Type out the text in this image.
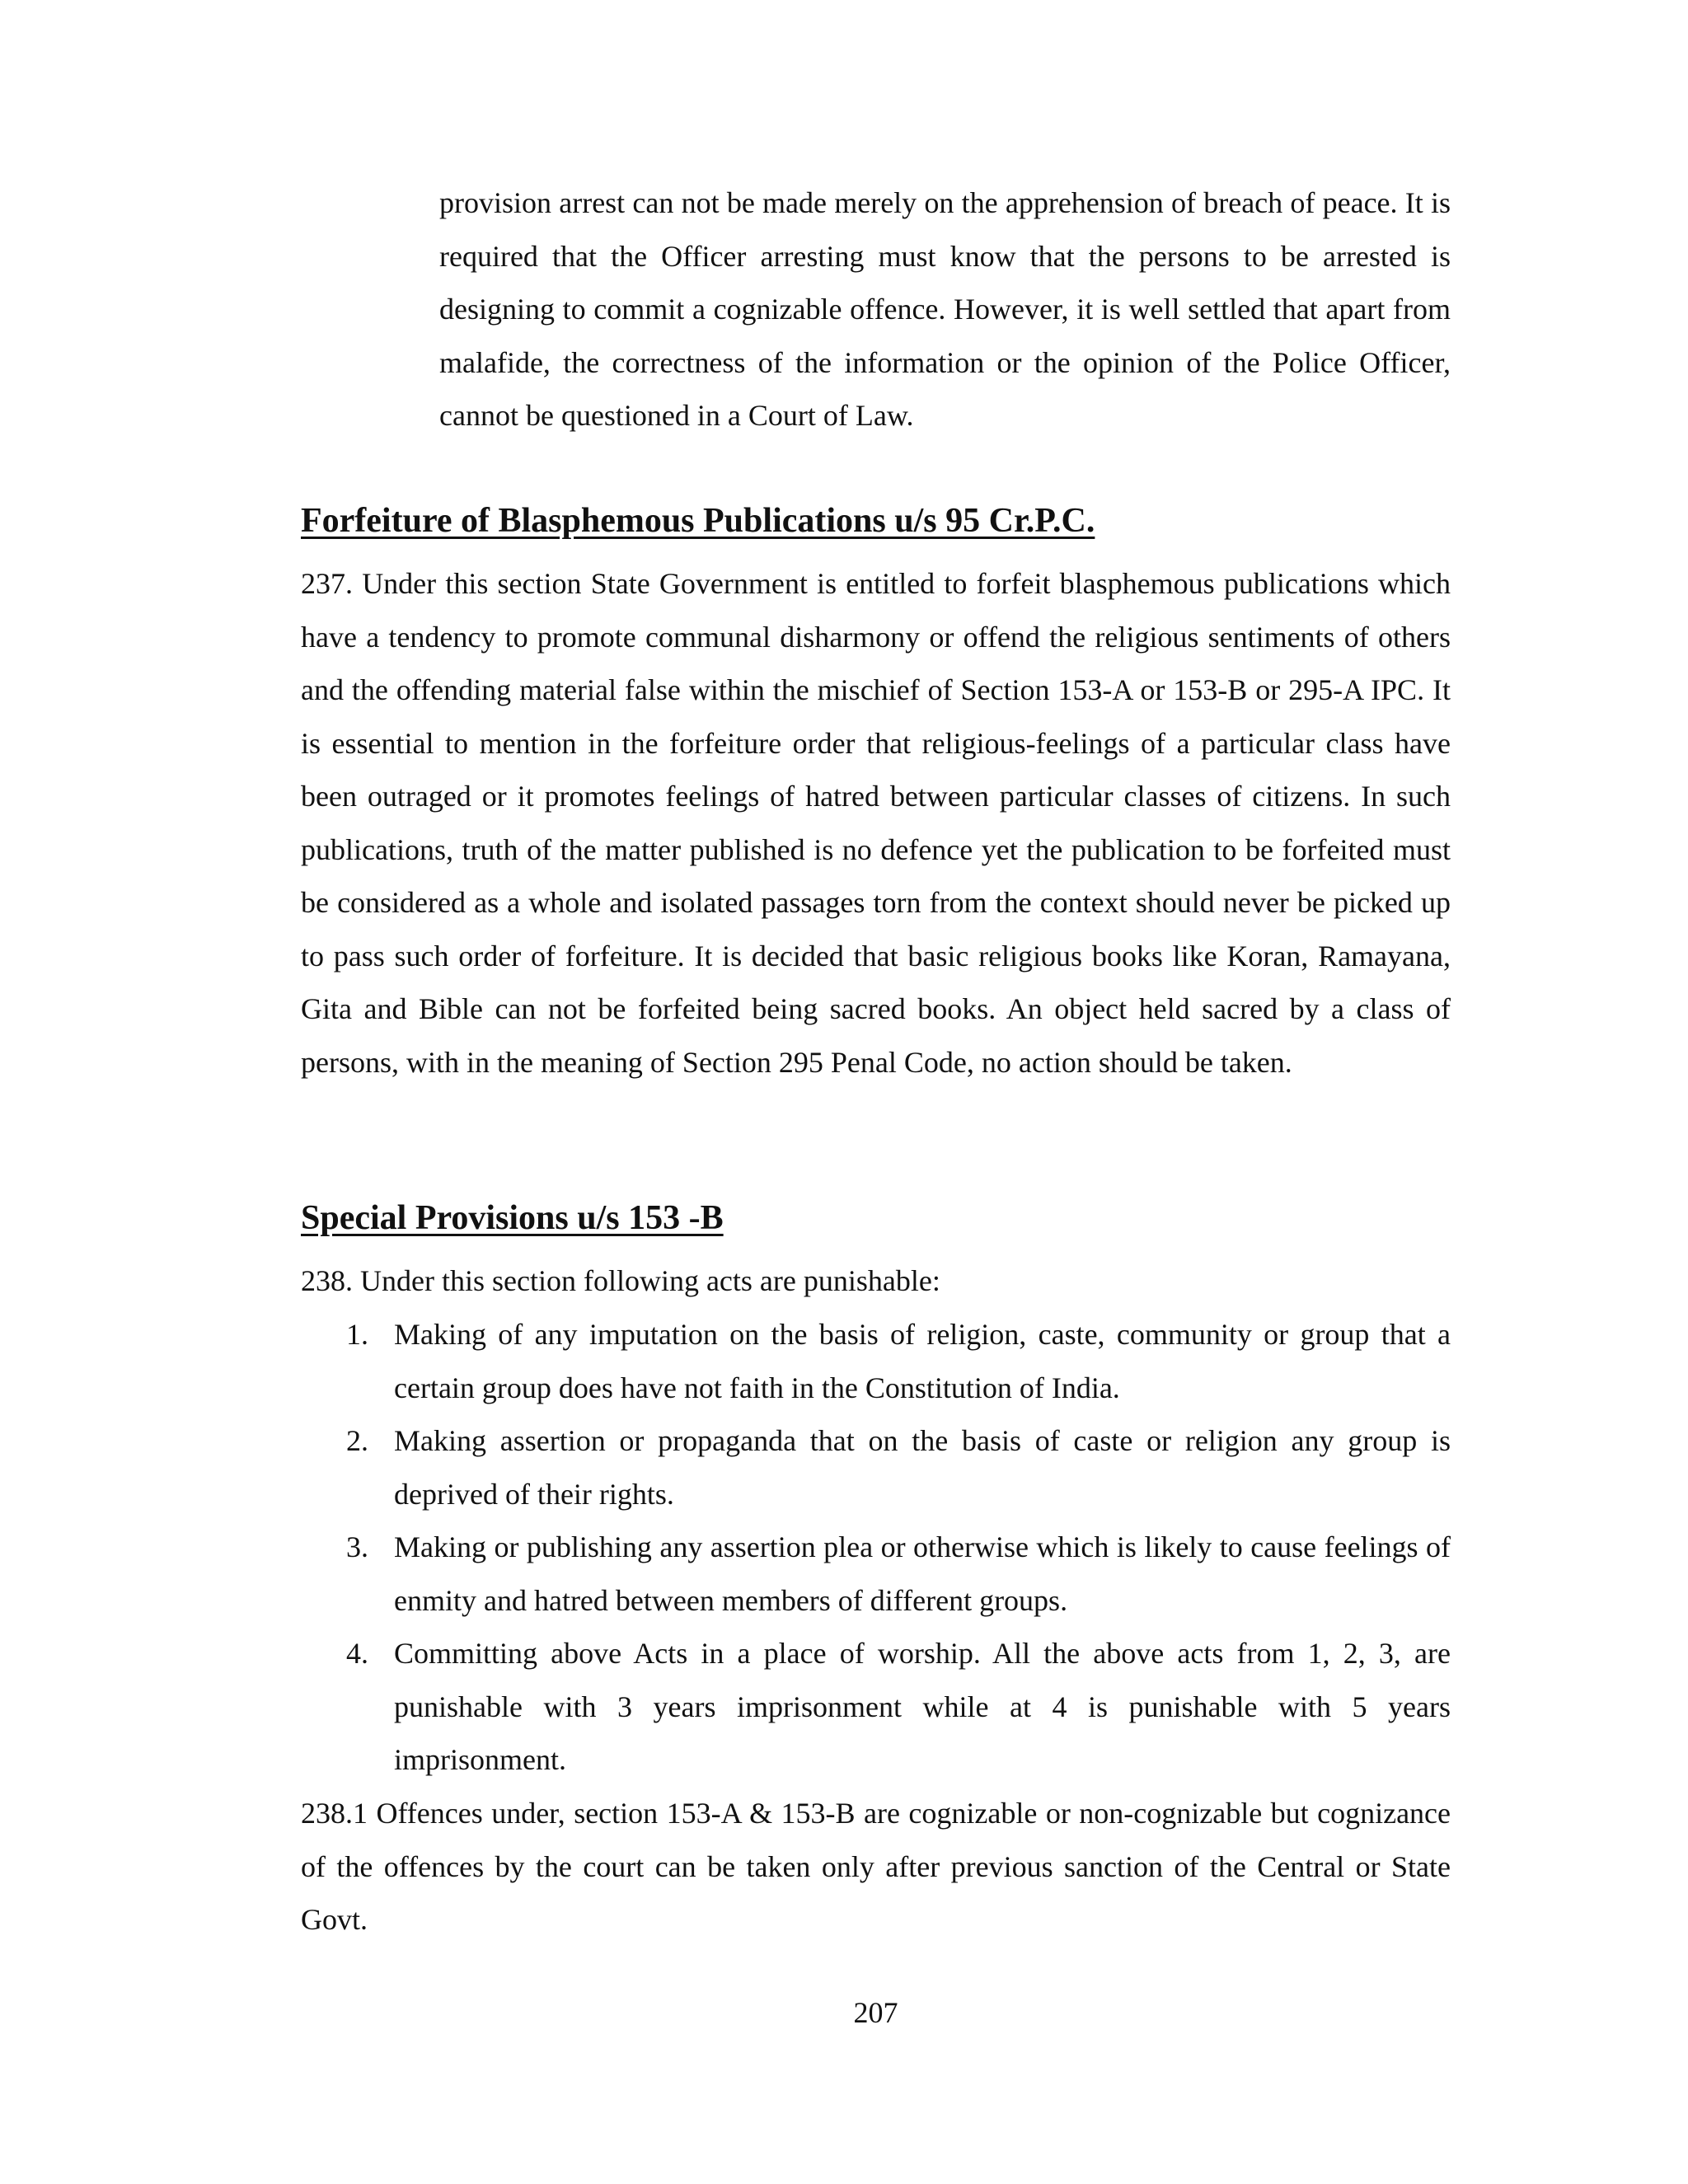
provision arrest can not be made merely on the apprehension of breach of peace. It is required that the Officer arresting must know that the persons to be arrested is designing to commit a cognizable offence. However, it is well settled that apart from malafide, the correctness of the information or the opinion of the Police Officer, cannot be questioned in a Court of Law.
Forfeiture of Blasphemous Publications u/s 95 Cr.P.C.
237. Under this section State Government is entitled to forfeit blasphemous publications which have a tendency to promote communal disharmony or offend the religious sentiments of others and the offending material false within the mischief of Section 153-A or 153-B or 295-A IPC. It is essential to mention in the forfeiture order that religious-feelings of a particular class have been outraged or it promotes feelings of hatred between particular classes of citizens. In such publications, truth of the matter published is no defence yet the publication to be forfeited must be considered as a whole and isolated passages torn from the context should never be picked up to pass such order of forfeiture. It is decided that basic religious books like Koran, Ramayana, Gita and Bible can not be forfeited being sacred books. An object held sacred by a class of persons, with in the meaning of Section 295 Penal Code, no action should be taken.
Special Provisions u/s 153 -B
238. Under this section following acts are punishable:
1. Making of any imputation on the basis of religion, caste, community or group that a certain group does have not faith in the Constitution of India.
2. Making assertion or propaganda that on the basis of caste or religion any group is deprived of their rights.
3. Making or publishing any assertion plea or otherwise which is likely to cause feelings of enmity and hatred between members of different groups.
4. Committing above Acts in a place of worship. All the above acts from 1, 2, 3, are punishable with 3 years imprisonment while at 4 is punishable with 5 years imprisonment.
238.1 Offences under, section 153-A & 153-B are cognizable or non-cognizable but cognizance of the offences by the court can be taken only after previous sanction of the Central or State Govt.
207
